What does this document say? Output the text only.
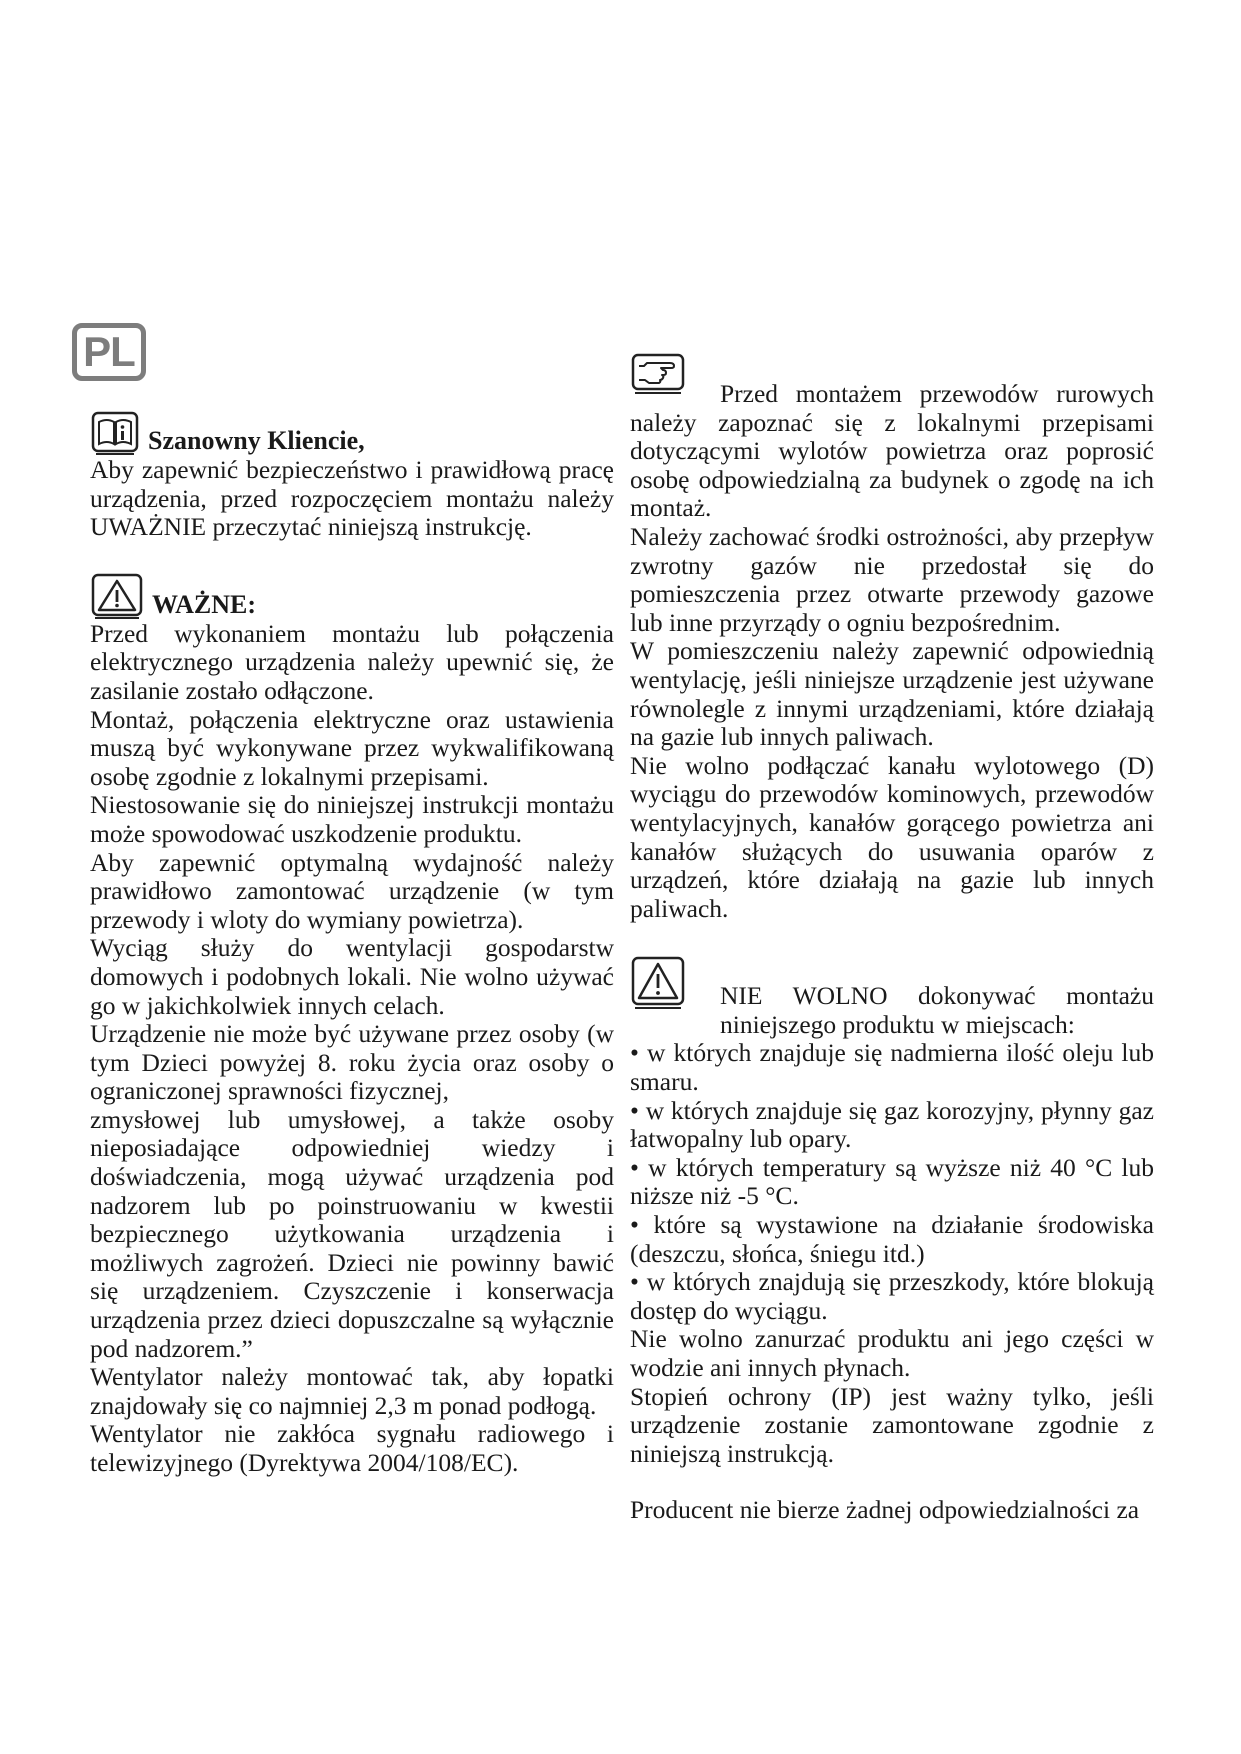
PL
Szanowny Kliencie,

Aby zapewnić bezpieczeństwo i prawidłową pracę urządzenia, przed rozpoczęciem montażu należy UWAŻNIE przeczytać niniejszą instrukcję.

WAŻNE:

Przed wykonaniem montażu lub połączenia elektrycznego urządzenia należy upewnić się, że zasilanie zostało odłączone.

Montaż, połączenia elektryczne oraz ustawienia muszą być wykonywane przez wykwalifikowaną osobę zgodnie z lokalnymi przepisami.

Niestosowanie się do niniejszej instrukcji montażu może spowodować uszkodzenie produktu.

Aby zapewnić optymalną wydajność należy prawidłowo zamontować urządzenie (w tym przewody i wloty do wymiany powietrza).

Wyciąg służy do wentylacji gospodarstw domowych i podobnych lokali. Nie wolno używać go w jakichkolwiek innych celach.

Urządzenie nie może być używane przez osoby (w tym Dzieci powyżej 8. roku życia oraz osoby o ograniczonej sprawności fizycznej,

zmysłowej lub umysłowej, a także osoby nieposiadające odpowiedniej wiedzy i doświadczenia, mogą używać urządzenia pod nadzorem lub po poinstruowaniu w kwestii bezpiecznego użytkowania urządzenia i możliwych zagrożeń. Dzieci nie powinny bawić się urządzeniem. Czyszczenie i konserwacja urządzenia przez dzieci dopuszczalne są wyłącznie pod nadzorem.”

Wentylator należy montować tak, aby łopatki znajdowały się co najmniej 2,3 m ponad podłogą.

Wentylator nie zakłóca sygnału radiowego i telewizyjnego (Dyrektywa 2004/108/EC).

Przed montażem przewodów rurowych należy zapoznać się z lokalnymi przepisami dotyczącymi wylotów powietrza oraz poprosić osobę odpowiedzialną za budynek o zgodę na ich montaż.

Należy zachować środki ostrożności, aby przepływ zwrotny gazów nie przedostał się do pomieszczenia przez otwarte przewody gazowe lub inne przyrządy o ogniu bezpośrednim.

W pomieszczeniu należy zapewnić odpowiednią wentylację, jeśli niniejsze urządzenie jest używane równolegle z innymi urządzeniami, które działają na gazie lub innych paliwach.

Nie wolno podłączać kanału wylotowego (D) wyciągu do przewodów kominowych, przewodów wentylacyjnych, kanałów gorącego powietrza ani kanałów służących do usuwania oparów z urządzeń, które działają na gazie lub innych paliwach.

NIE WOLNO dokonywać montażu niniejszego produktu w miejscach:

• w których znajduje się nadmierna ilość oleju lub smaru.

• w których znajduje się gaz korozyjny, płynny gaz łatwopalny lub opary.

• w których temperatury są wyższe niż 40 °C lub niższe niż -5 °C.

• które są wystawione na działanie środowiska (deszczu, słońca, śniegu itd.)

• w których znajdują się przeszkody, które blokują dostęp do wyciągu.

Nie wolno zanurzać produktu ani jego części w wodzie ani innych płynach.

Stopień ochrony (IP) jest ważny tylko, jeśli urządzenie zostanie zamontowane zgodnie z niniejszą instrukcją.

Producent nie bierze żadnej odpowiedzialności za
